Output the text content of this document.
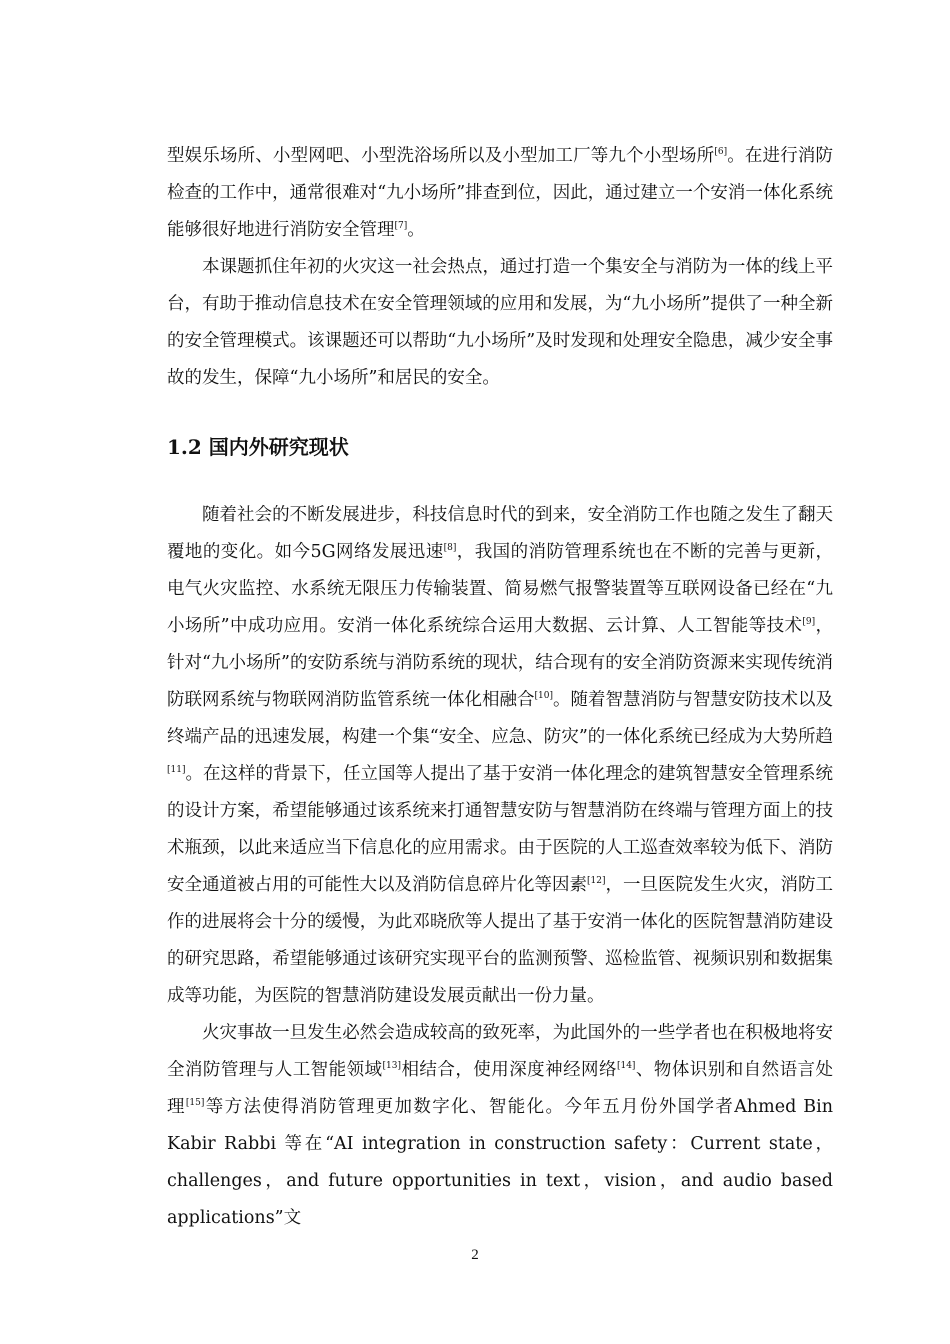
型娱乐场所、小型网吧、小型洗浴场所以及小型加工厂等九个小型场所[6]。在进行消防检查的工作中，通常很难对“九小场所”排查到位，因此，通过建立一个安消一体化系统能够很好地进行消防安全管理[7]。

本课题抓住年初的火灾这一社会热点，通过打造一个集安全与消防为一体的线上平台，有助于推动信息技术在安全管理领域的应用和发展，为“九小场所”提供了一种全新的安全管理模式。该课题还可以帮助“九小场所”及时发现和处理安全隐患，减少安全事故的发生，保障“九小场所”和居民的安全。

1.2 国内外研究现状

随着社会的不断发展进步，科技信息时代的到来，安全消防工作也随之发生了翻天覆地的变化。如今5G网络发展迅速[8]，我国的消防管理系统也在不断的完善与更新，电气火灾监控、水系统无限压力传输装置、简易燃气报警装置等互联网设备已经在“九小场所”中成功应用。安消一体化系统综合运用大数据、云计算、人工智能等技术[9]，针对“九小场所”的安防系统与消防系统的现状，结合现有的安全消防资源来实现传统消防联网系统与物联网消防监管系统一体化相融合[10]。随着智慧消防与智慧安防技术以及终端产品的迅速发展，构建一个集“安全、应急、防灾”的一体化系统已经成为大势所趋[11]。在这样的背景下，任立国等人提出了基于安消一体化理念的建筑智慧安全管理系统的设计方案，希望能够通过该系统来打通智慧安防与智慧消防在终端与管理方面上的技术瓶颈，以此来适应当下信息化的应用需求。由于医院的人工巡查效率较为低下、消防安全通道被占用的可能性大以及消防信息碎片化等因素[12]，一旦医院发生火灾，消防工作的进展将会十分的缓慢，为此邓晓欣等人提出了基于安消一体化的医院智慧消防建设的研究思路，希望能够通过该研究实现平台的监测预警、巡检监管、视频识别和数据集成等功能，为医院的智慧消防建设发展贡献出一份力量。

火灾事故一旦发生必然会造成较高的致死率，为此国外的一些学者也在积极地将安全消防管理与人工智能领域[13]相结合，使用深度神经网络[14]、物体识别和自然语言处理[15]等方法使得消防管理更加数字化、智能化。今年五月份外国学者Ahmed Bin Kabir Rabbi 等在“AI integration in construction safety：Current state，challenges，and future opportunities in text，vision，and audio based applications”文

2
